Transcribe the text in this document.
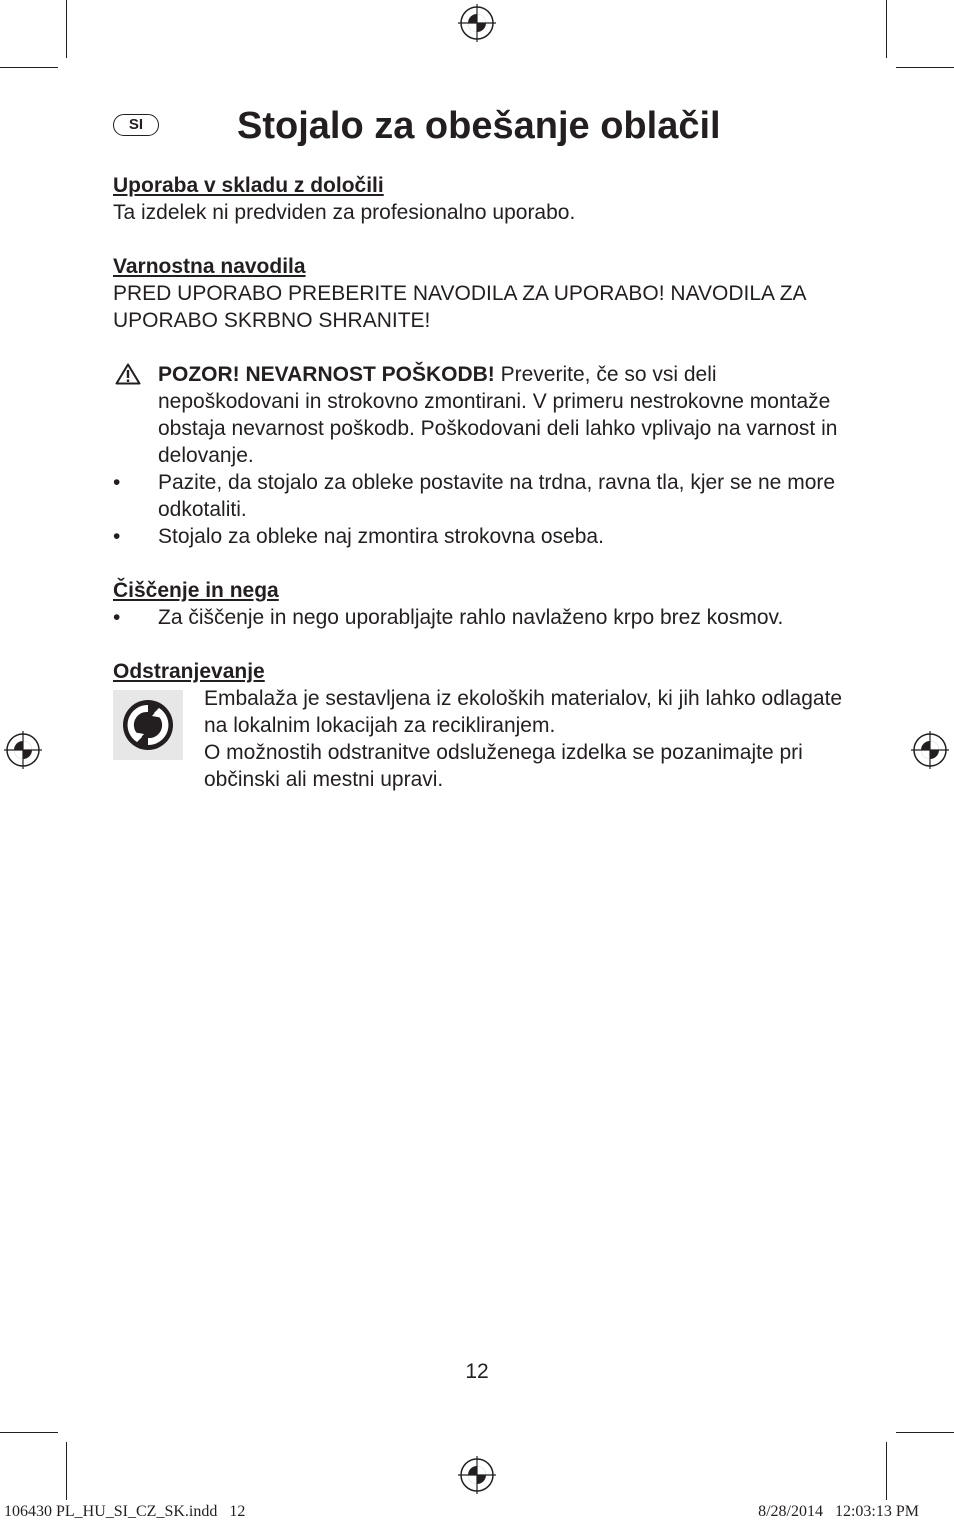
SI	Stojalo za obešanje oblačil

Uporaba v skladu z določili

Ta izdelek ni predviden za profesionalno uporabo.

Varnostna navodila

PRED UPORABO PREBERITE NAVODILA ZA UPORABO! NAVODILA ZA UPORABO SKRBNO SHRANITE!

POZOR! NEVARNOST POŠKODB! Preverite, če so vsi deli nepoškodovani in strokovno zmontirani. V primeru nestrokovne montaže obstaja nevarnost poškodb. Poškodovani deli lahko vplivajo na varnost in delovanje.
• Pazite, da stojalo za obleke postavite na trdna, ravna tla, kjer se ne more odkotaliti.
• Stojalo za obleke naj zmontira strokovna oseba.

Čiščenje in nega

• Za čiščenje in nego uporabljajte rahlo navlaženo krpo brez kosmov.

Odstranjevanje

Embalaža je sestavljena iz ekoloških materialov, ki jih lahko odlagate na lokalnim lokacijah za recikliranjem.

O možnostih odstranitve odsluženega izdelka se pozanimajte pri občinski ali mestni upravi.

12
106430 PL_HU_SI_CZ_SK.indd   12	8/28/2014   12:03:13 PM
